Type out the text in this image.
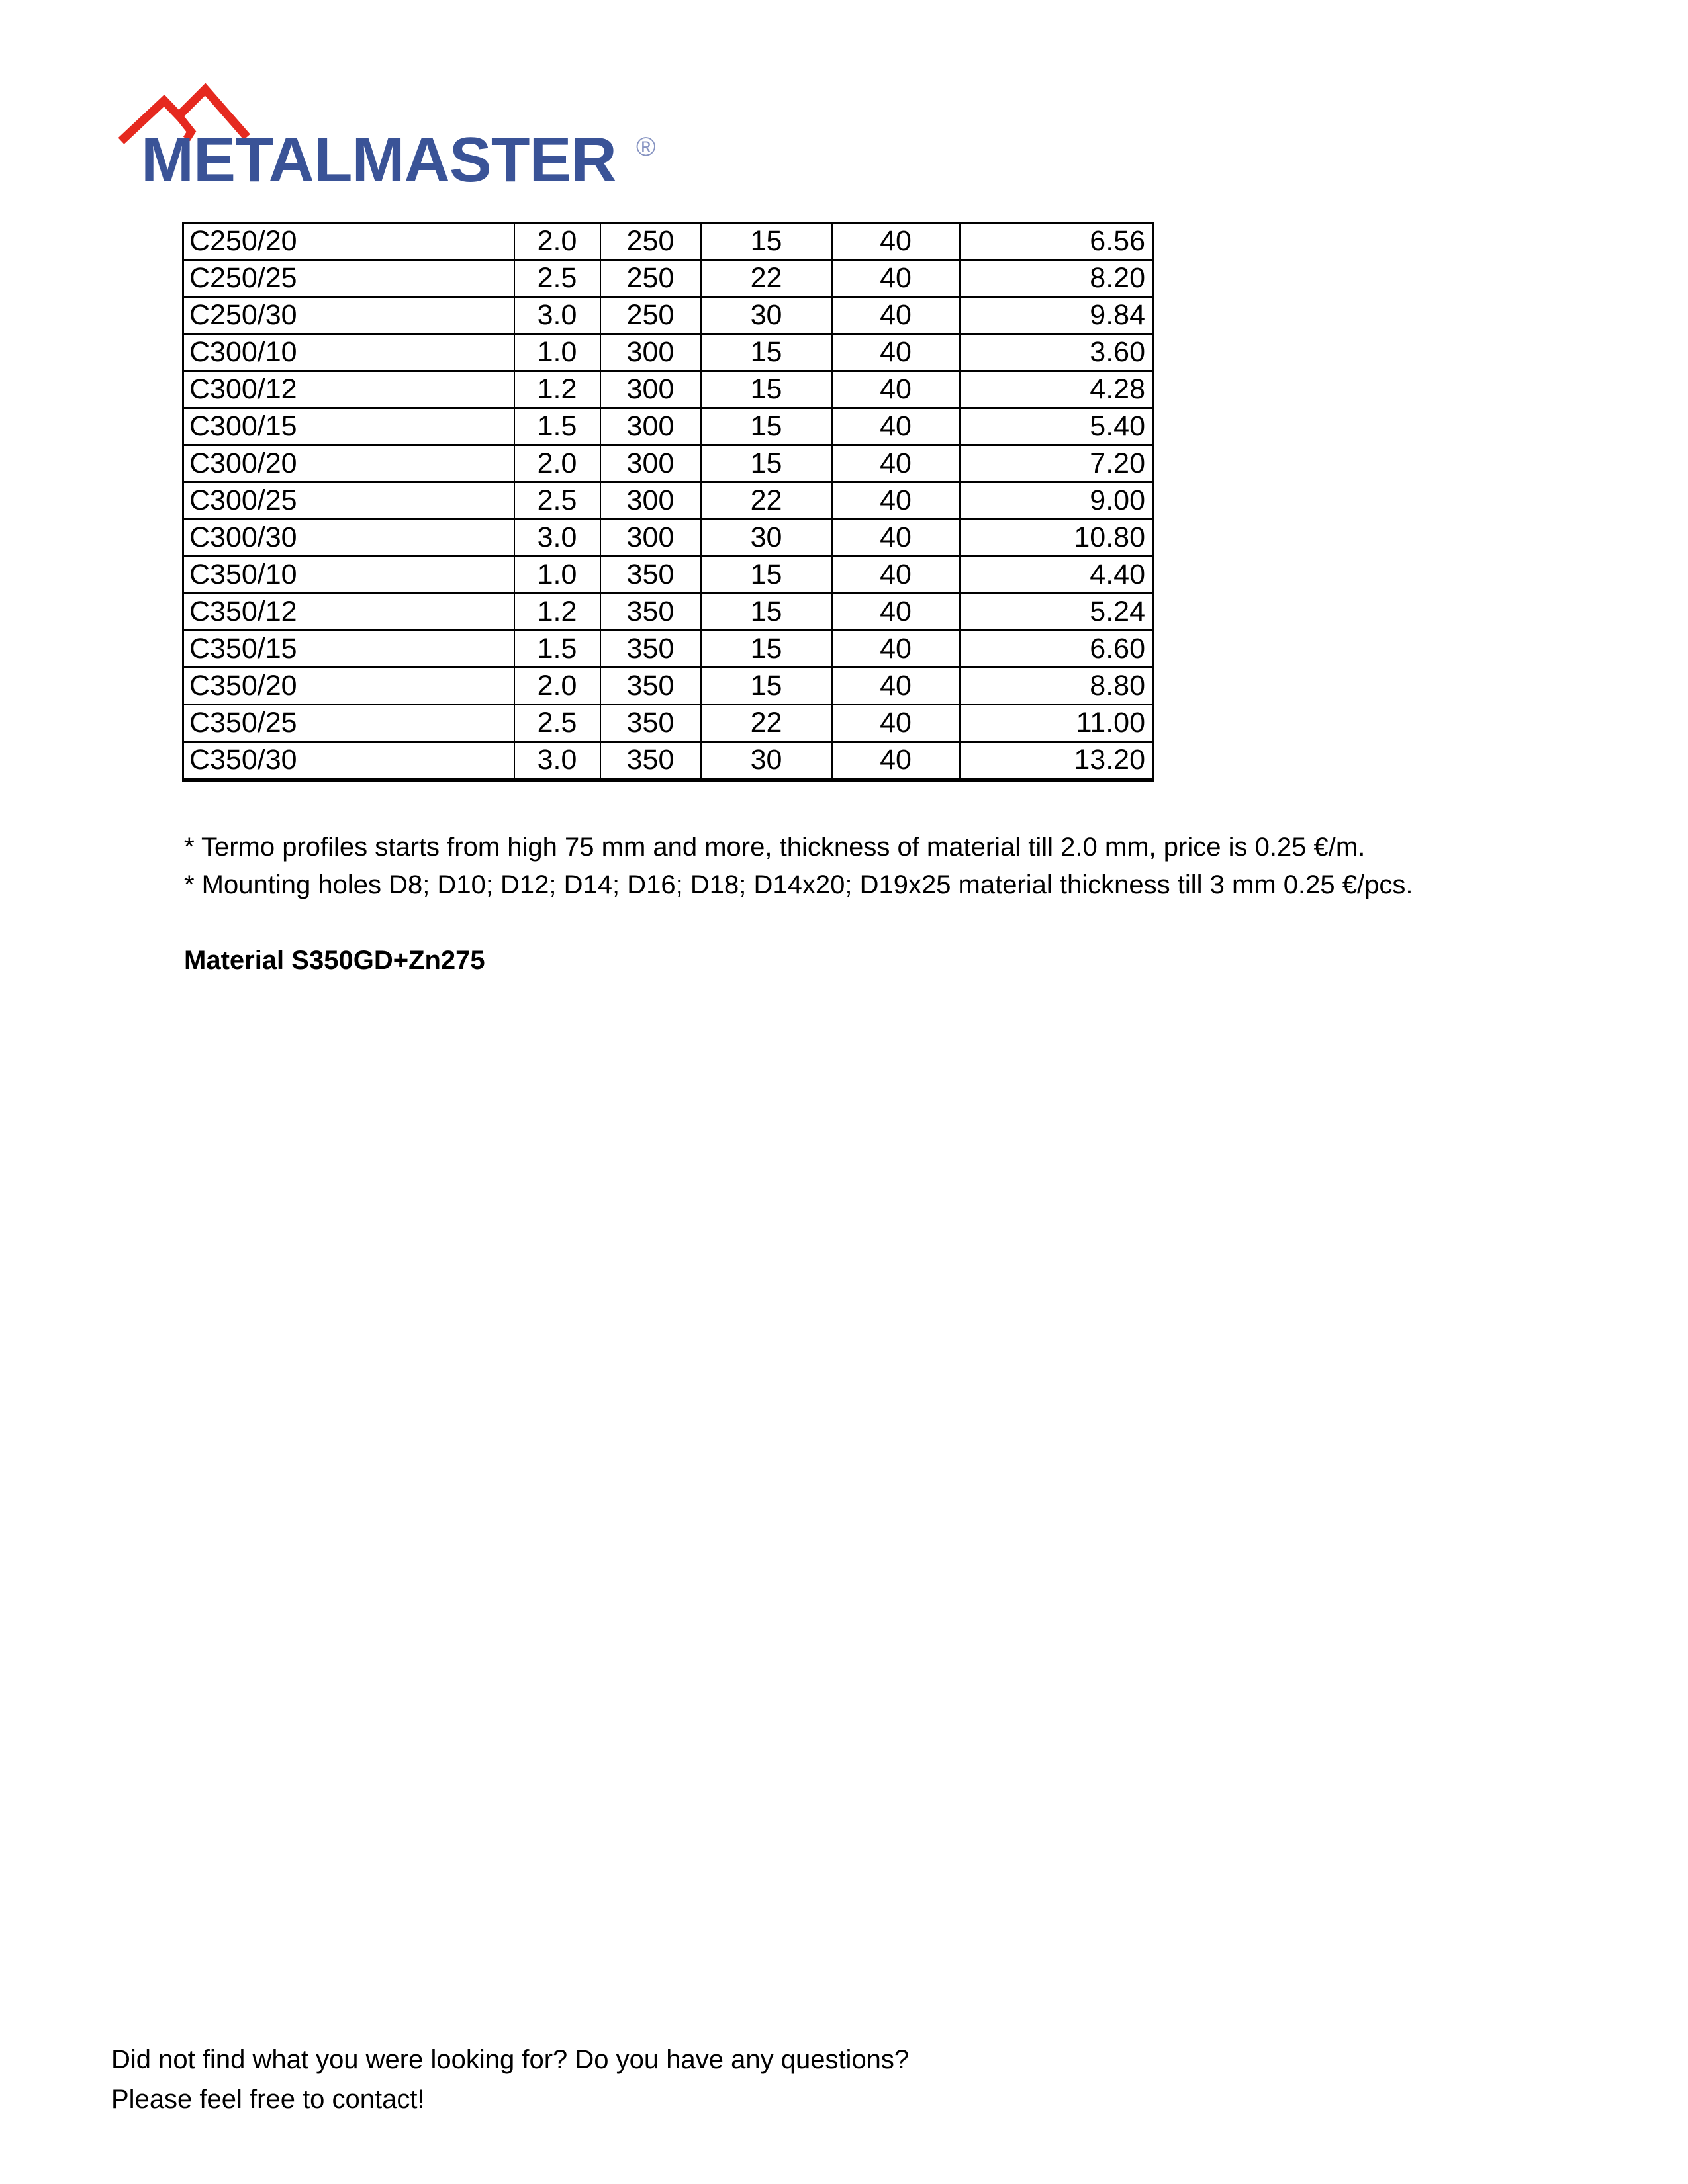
METALMASTER ®
C250/20	2.0	250	15	40	6.56
C250/25	2.5	250	22	40	8.20
C250/30	3.0	250	30	40	9.84
C300/10	1.0	300	15	40	3.60
C300/12	1.2	300	15	40	4.28
C300/15	1.5	300	15	40	5.40
C300/20	2.0	300	15	40	7.20
C300/25	2.5	300	22	40	9.00
C300/30	3.0	300	30	40	10.80
C350/10	1.0	350	15	40	4.40
C350/12	1.2	350	15	40	5.24
C350/15	1.5	350	15	40	6.60
C350/20	2.0	350	15	40	8.80
C350/25	2.5	350	22	40	11.00
C350/30	3.0	350	30	40	13.20

* Termo profiles starts from high 75 mm and more, thickness of material till 2.0 mm, price is 0.25 €/m.

* Mounting holes D8; D10; D12; D14; D16; D18; D14x20; D19x25 material thickness till 3 mm 0.25 €/pcs.

Material S350GD+Zn275

Did not find what you were looking for? Do you have any questions?

Please feel free to contact!
